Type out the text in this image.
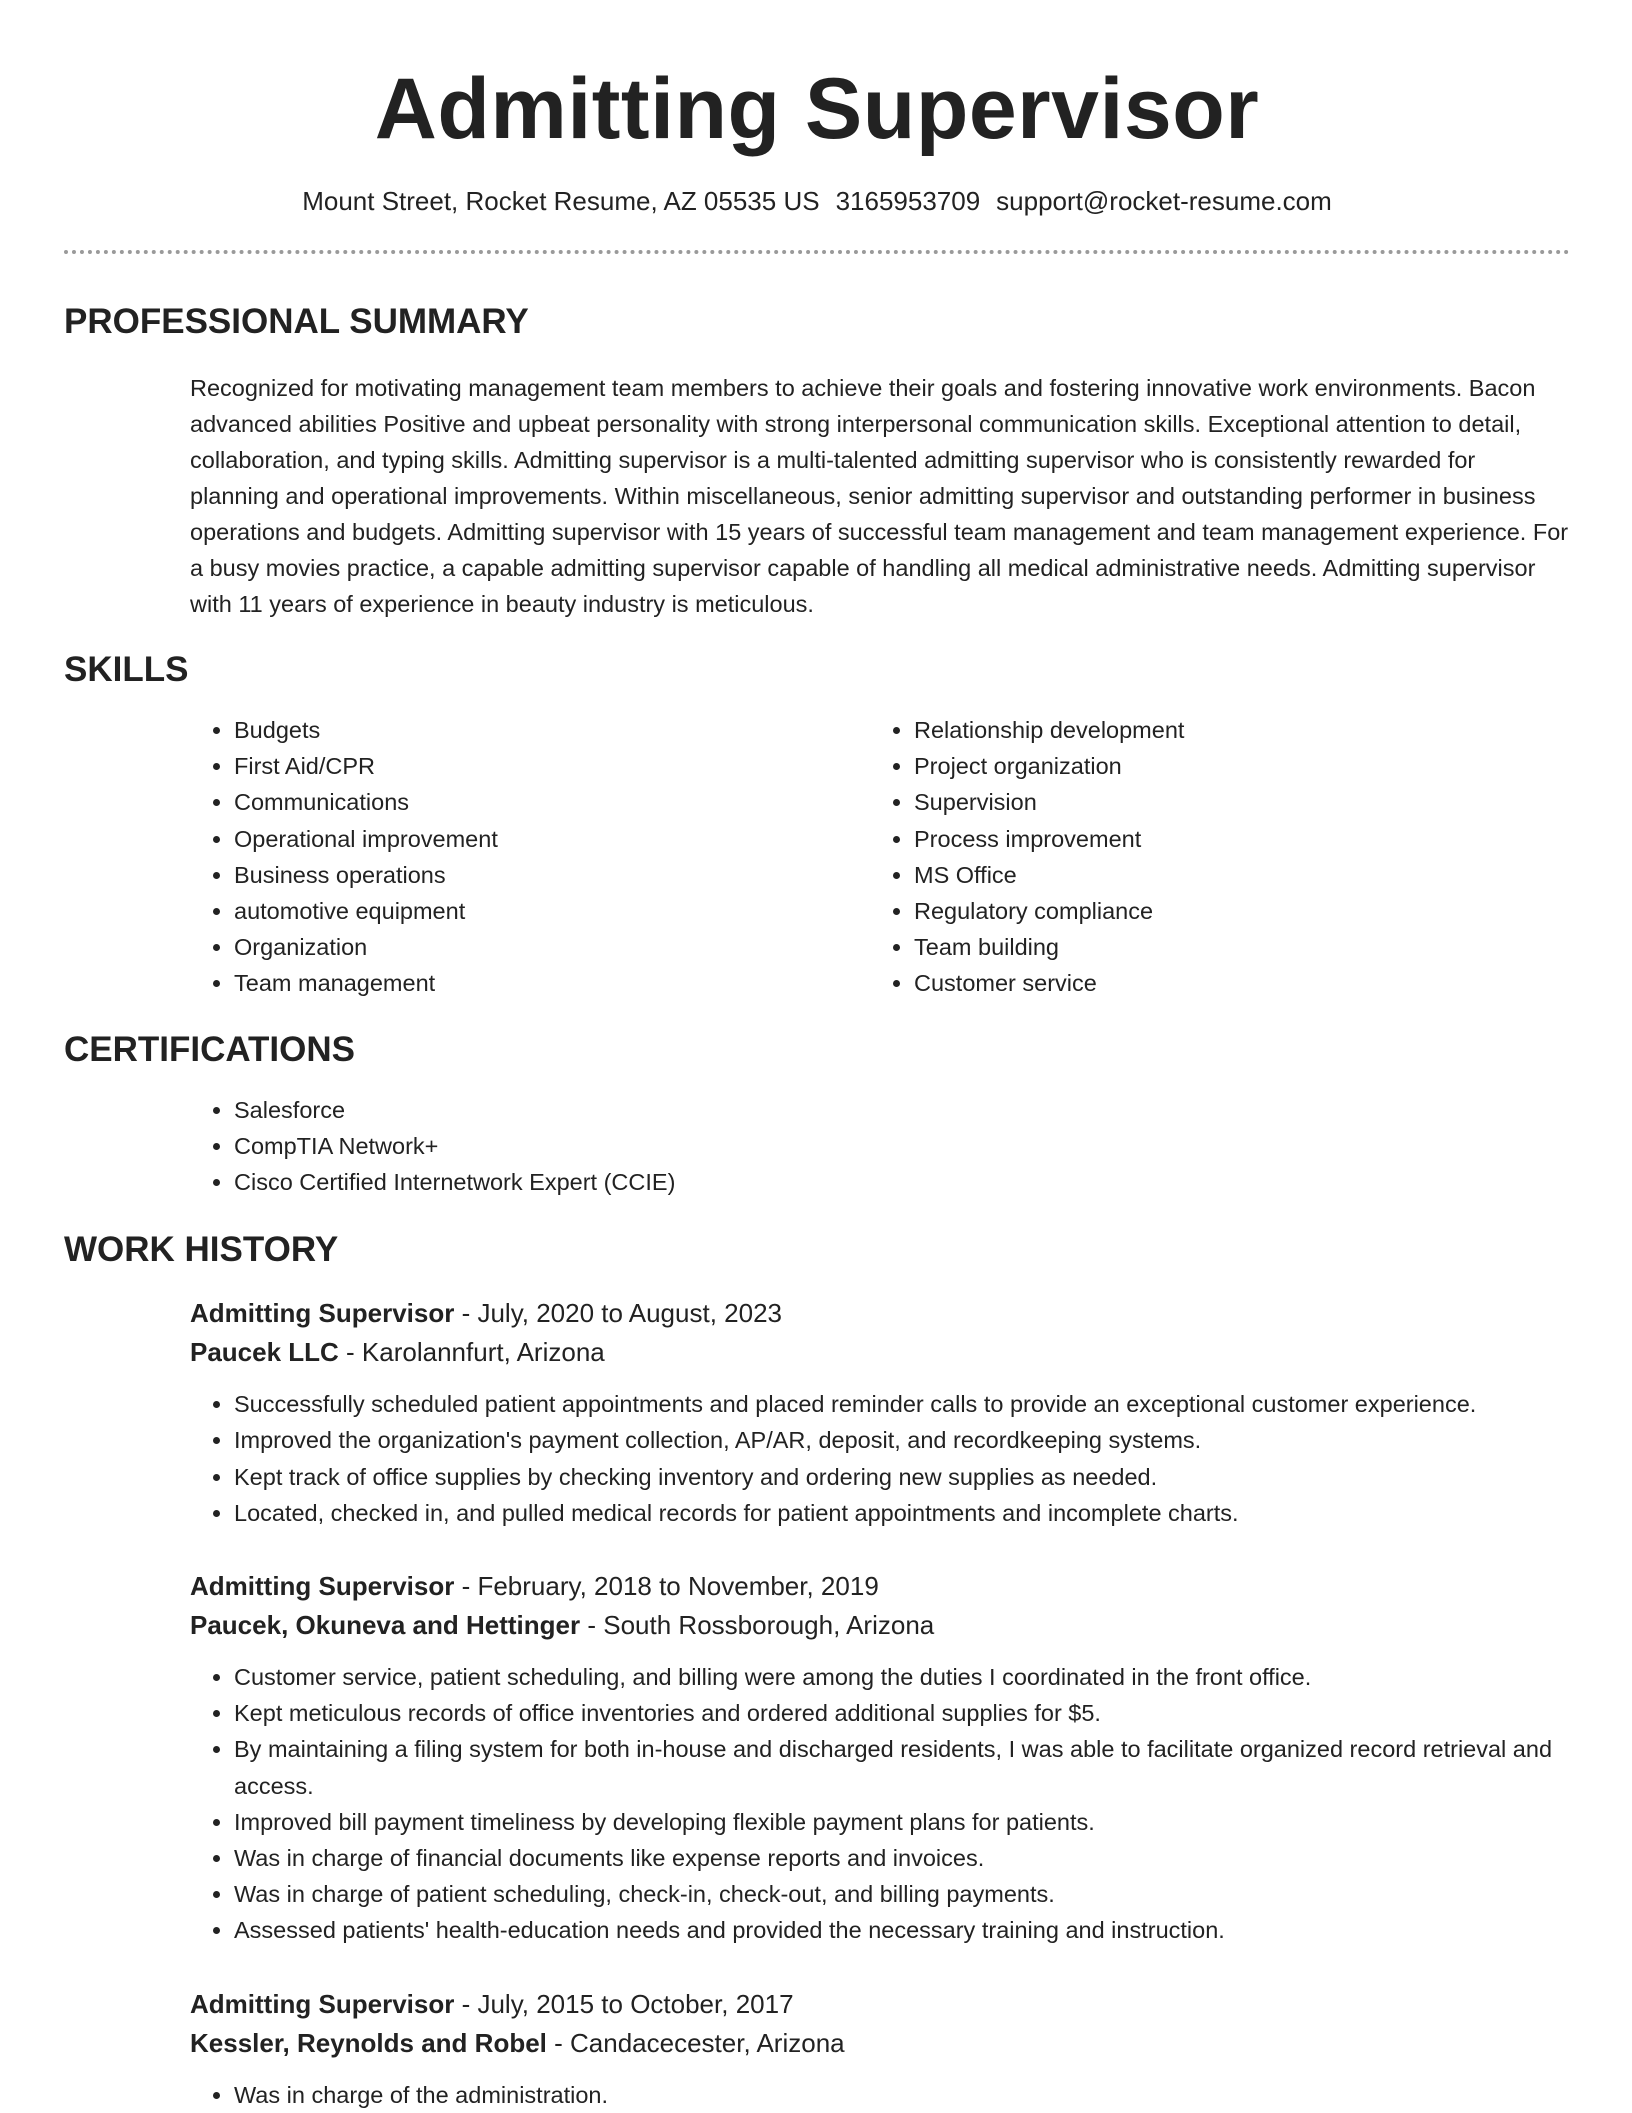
Admitting Supervisor
Mount Street, Rocket Resume, AZ 05535 US 3165953709 support@rocket-resume.com
PROFESSIONAL SUMMARY
Recognized for motivating management team members to achieve their goals and fostering innovative work environments. Bacon advanced abilities Positive and upbeat personality with strong interpersonal communication skills. Exceptional attention to detail, collaboration, and typing skills. Admitting supervisor is a multi-talented admitting supervisor who is consistently rewarded for planning and operational improvements. Within miscellaneous, senior admitting supervisor and outstanding performer in business operations and budgets. Admitting supervisor with 15 years of successful team management and team management experience. For a busy movies practice, a capable admitting supervisor capable of handling all medical administrative needs. Admitting supervisor with 11 years of experience in beauty industry is meticulous.
SKILLS
• Budgets
• First Aid/CPR
• Communications
• Operational improvement
• Business operations
• automotive equipment
• Organization
• Team management
• Relationship development
• Project organization
• Supervision
• Process improvement
• MS Office
• Regulatory compliance
• Team building
• Customer service
CERTIFICATIONS
• Salesforce
• CompTIA Network+
• Cisco Certified Internetwork Expert (CCIE)
WORK HISTORY
Admitting Supervisor - July, 2020 to August, 2023
Paucek LLC - Karolannfurt, Arizona
• Successfully scheduled patient appointments and placed reminder calls to provide an exceptional customer experience.
• Improved the organization's payment collection, AP/AR, deposit, and recordkeeping systems.
• Kept track of office supplies by checking inventory and ordering new supplies as needed.
• Located, checked in, and pulled medical records for patient appointments and incomplete charts.
Admitting Supervisor - February, 2018 to November, 2019
Paucek, Okuneva and Hettinger - South Rossborough, Arizona
• Customer service, patient scheduling, and billing were among the duties I coordinated in the front office.
• Kept meticulous records of office inventories and ordered additional supplies for $5.
• By maintaining a filing system for both in-house and discharged residents, I was able to facilitate organized record retrieval and access.
• Improved bill payment timeliness by developing flexible payment plans for patients.
• Was in charge of financial documents like expense reports and invoices.
• Was in charge of patient scheduling, check-in, check-out, and billing payments.
• Assessed patients' health-education needs and provided the necessary training and instruction.
Admitting Supervisor - July, 2015 to October, 2017
Kessler, Reynolds and Robel - Candacecester, Arizona
• Was in charge of the administration.
